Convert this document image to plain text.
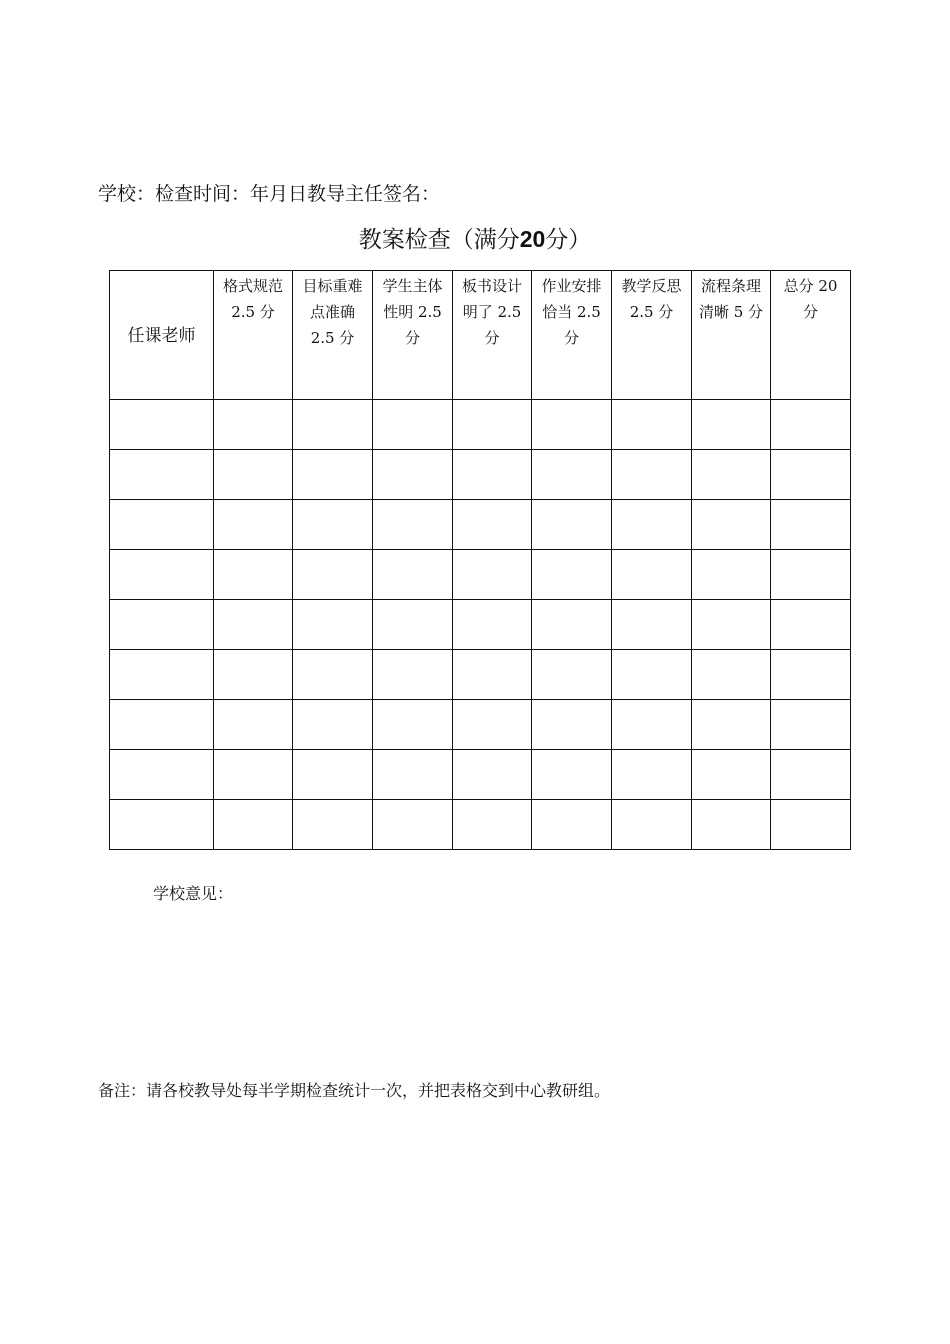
学校：检查时间：年月日教导主任签名：
教案检查（满分20分）
任课老师	格式规范 2.5 分	目标重难点准确 2.5 分	学生主体性明 2.5 分	板书设计明了 2.5 分	作业安排恰当 2.5 分	教学反思 2.5 分	流程条理清晰 5 分	总分 20 分

学校意见：
备注：请各校教导处每半学期检查统计一次，并把表格交到中心教研组。
